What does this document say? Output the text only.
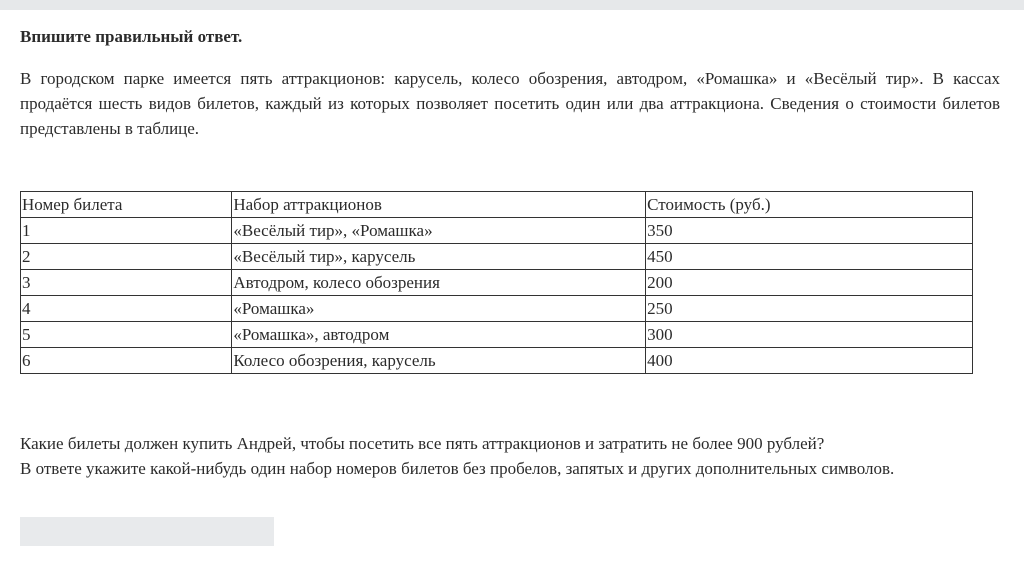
Впишите правильный ответ.

В городском парке имеется пять аттракционов: карусель, колесо обозрения, автодром, «Ромашка» и «Весёлый тир». В кассах продаётся шесть видов билетов, каждый из которых позволяет посетить один или два аттракциона. Сведения о стоимости билетов представлены в таблице.

Номер билета	Набор аттракционов	Стоимость (руб.)
1	«Весёлый тир», «Ромашка»	350
2	«Весёлый тир», карусель	450
3	Автодром, колесо обозрения	200
4	«Ромашка»	250
5	«Ромашка», автодром	300
6	Колесо обозрения, карусель	400

Какие билеты должен купить Андрей, чтобы посетить все пять аттракционов и затратить не более 900 рублей?

В ответе укажите какой-нибудь один набор номеров билетов без пробелов, запятых и других дополнительных символов.
